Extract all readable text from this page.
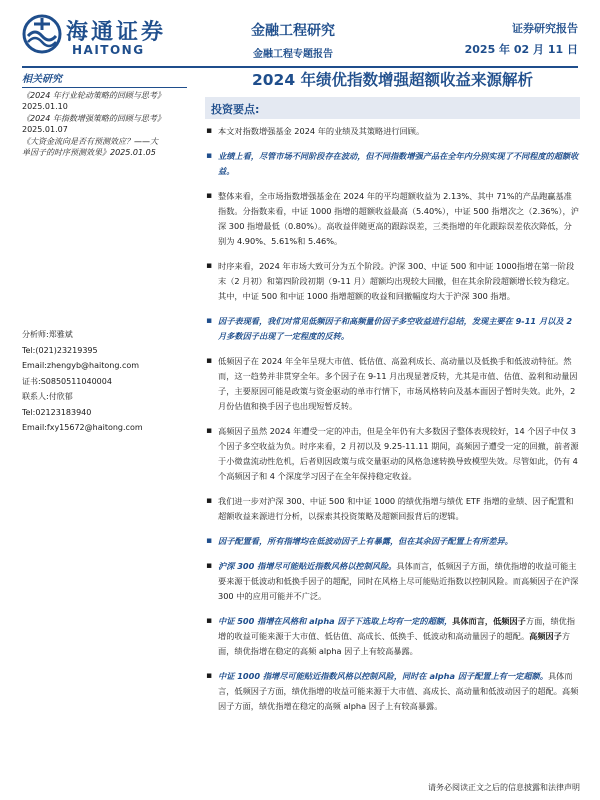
海通证券
HAITONG
金融工程研究
金融工程专题报告
证券研究报告
2025 年 02 月 11 日
相关研究
《2024 年行业轮动策略的回顾与思考》
2025.01.10
《2024 年指数增强策略的回顾与思考》
2025.01.07
《大资金流向是否有预测效应？——大
单因子的时序预测效果》2025.01.05
分析师:郑雅斌
Tel:(021)23219395
Email:zhengyb@haitong.com
证书:S0850511040004
联系人:付欣郁
Tel:02123183940
Email:fxy15672@haitong.com
2024 年绩优指数增强超额收益来源解析
投资要点:
▪ 本文对指数增强基金 2024 年的业绩及其策略进行回顾。
▪ 业绩上看，尽管市场不同阶段存在波动，但不同指数增强产品在全年内分别实现了不同程度的超额收益。
▪ 整体来看，全市场指数增强基金在 2024 年的平均超额收益为 2.13%、其中 71%的产品跑赢基准指数。分指数来看，中证 1000 指增的超额收益最高（5.40%），中证 500 指增次之（2.36%），沪深 300 指增最低（0.80%）。高收益伴随更高的跟踪误差，三类指增的年化跟踪误差依次降低，分别为 4.90%、5.61%和 5.46%。
▪ 时序来看，2024 年市场大致可分为五个阶段。沪深 300、中证 500 和中证 1000指增在第一阶段末（2 月初）和第四阶段初期（9-11 月）超额均出现较大回撤，但在其余阶段超额增长较为稳定。其中，中证 500 和中证 1000 指增超额的收益和回撤幅度均大于沪深 300 指增。
▪ 因子表现看，我们对常见低频因子和高频量价因子多空收益进行总结，发现主要在 9-11 月以及 2 月多数因子出现了一定程度的反转。
▪ 低频因子在 2024 年全年呈现大市值、低估值、高盈利成长、高动量以及低换手和低波动特征。然而，这一趋势并非贯穿全年。多个因子在 9-11 月出现显著反转，尤其是市值、估值、盈利和动量因子，主要原因可能是政策与资金驱动的单市行情下，市场风格转向及基本面因子暂时失效。此外，2 月份估值和换手因子也出现短暂反转。
▪ 高频因子虽然 2024 年遭受一定的冲击，但是全年仍有大多数因子整体表现较好，14 个因子中仅 3 个因子多空收益为负。时序来看，2 月初以及 9.25-11.11 期间，高频因子遭受一定的回撤，前者源于小微盘流动性危机，后者则因政策与成交量驱动的风格急速转换导致模型失效。尽管如此，仍有 4 个高频因子和 4 个深度学习因子在全年保持稳定收益。
▪ 我们进一步对沪深 300、中证 500 和中证 1000 的绩优指增与绩优 ETF 指增的业绩、因子配置和超额收益来源进行分析，以探索其投资策略及超额回报背后的逻辑。
▪ 因子配置看，所有指增均在低波动因子上有暴露，但在其余因子配置上有所差异。
▪ 沪深 300 指增尽可能贴近指数风格以控制风险。具体而言，低频因子方面，绩优指增的收益可能主要来源于低波动和低换手因子的超配，同时在风格上尽可能贴近指数以控制风险。而高频因子在沪深 300 中的应用可能并不广泛。
▪ 中证 500 指增在风格和 alpha 因子下选取上均有一定的超额，具体而言，低频因子方面，绩优指增的收益可能来源于大市值、低估值、高成长、低换手、低波动和高动量因子的超配。高频因子方面，绩优指增在稳定的高频 alpha 因子上有较高暴露。
▪ 中证 1000 指增尽可能贴近指数风格以控制风险，同时在 alpha 因子配置上有一定超额。具体而言，低频因子方面，绩优指增的收益可能来源于大市值、高成长、高动量和低波动因子的超配。高频因子方面，绩优指增在稳定的高频 alpha 因子上有较高暴露。
请务必阅读正文之后的信息披露和法律声明
